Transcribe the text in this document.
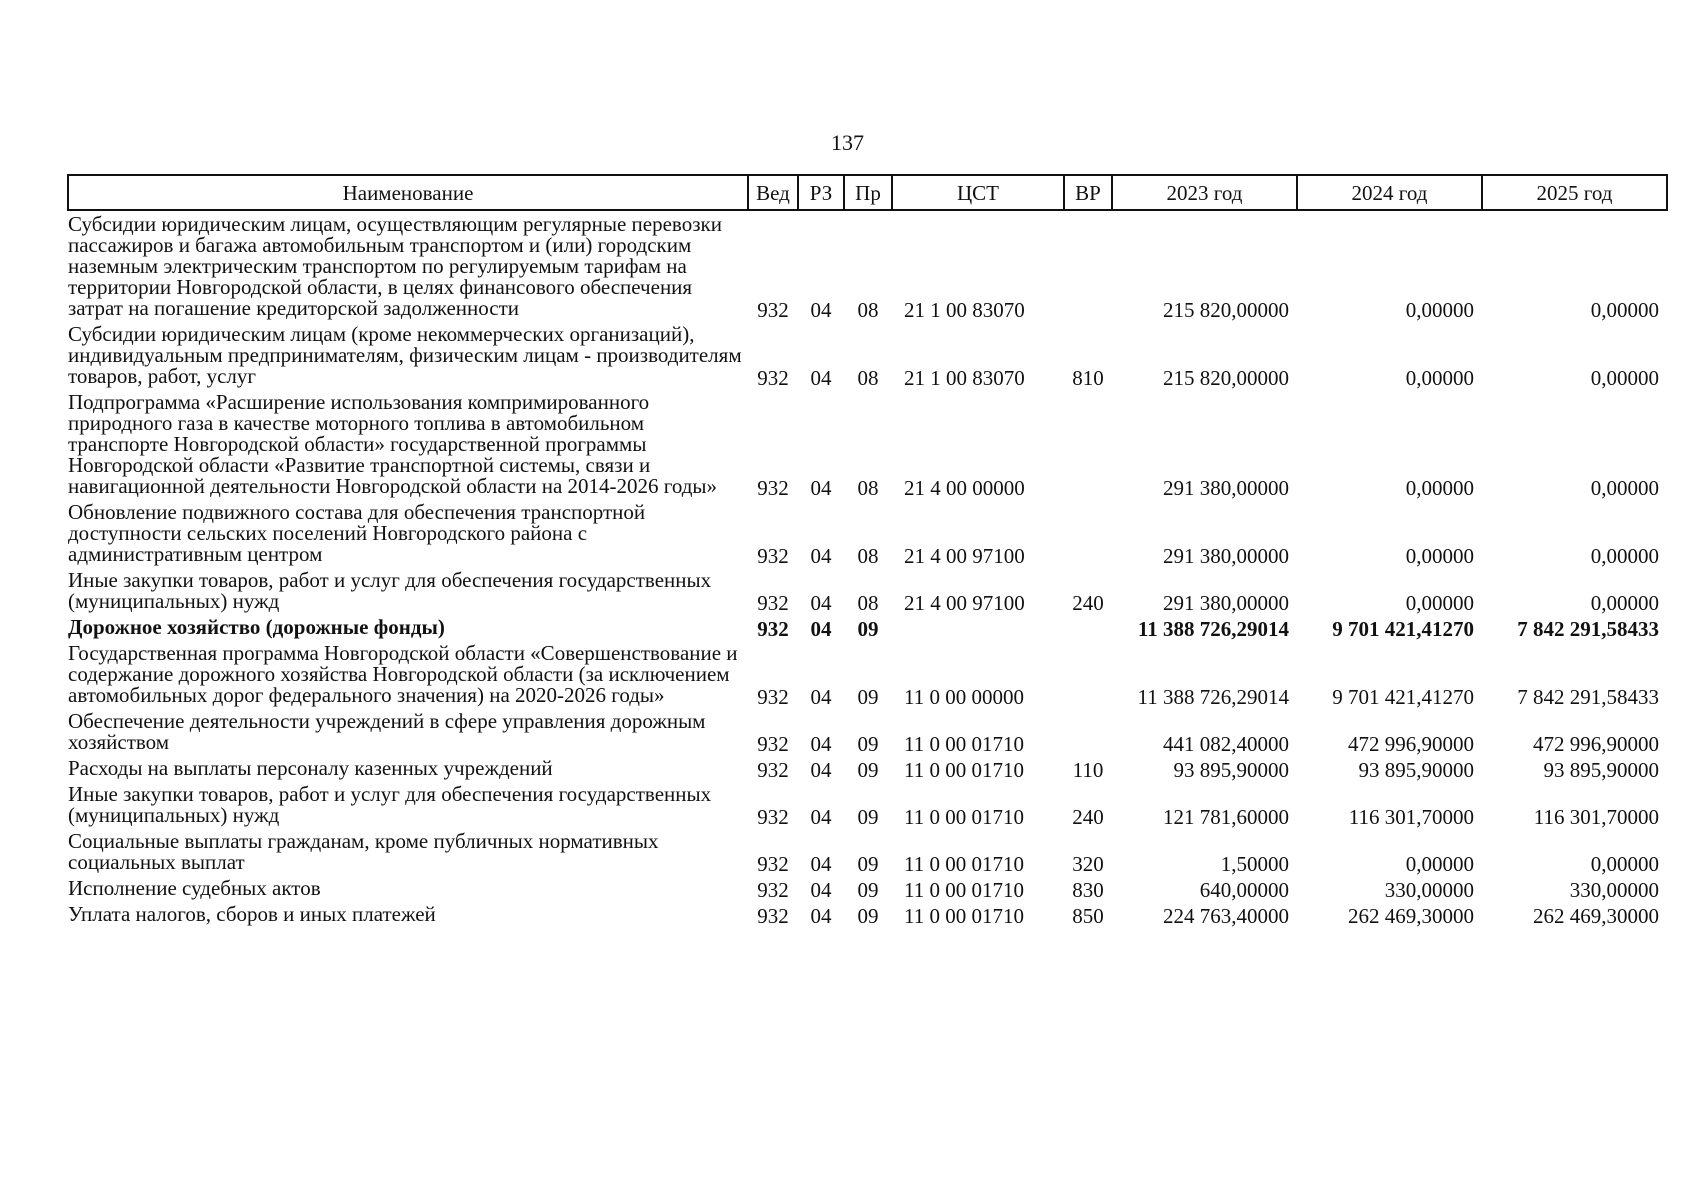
137
Наименование	Вед	РЗ	Пр	ЦСТ	ВР	2023 год	2024 год	2025 год
Субсидии юридическим лицам, осуществляющим регулярные перевозки пассажиров и багажа автомобильным транспортом и (или) городским наземным электрическим транспортом по регулируемым тарифам на территории Новгородской области, в целях финансового обеспечения затрат на погашение кредиторской задолженности	932	04	08	21 1 00 83070		215 820,00000	0,00000	0,00000
Субсидии юридическим лицам (кроме некоммерческих организаций), индивидуальным предпринимателям, физическим лицам - производителям товаров, работ, услуг	932	04	08	21 1 00 83070	810	215 820,00000	0,00000	0,00000
Подпрограмма «Расширение использования компримированного природного газа в качестве моторного топлива в автомобильном транспорте Новгородской области» государственной программы Новгородской области «Развитие транспортной системы, связи и навигационной деятельности Новгородской области на 2014-2026 годы»	932	04	08	21 4 00 00000		291 380,00000	0,00000	0,00000
Обновление подвижного состава для обеспечения транспортной доступности сельских поселений Новгородского района с административным центром	932	04	08	21 4 00 97100		291 380,00000	0,00000	0,00000
Иные закупки товаров, работ и услуг для обеспечения государственных (муниципальных) нужд	932	04	08	21 4 00 97100	240	291 380,00000	0,00000	0,00000
Дорожное хозяйство (дорожные фонды)	932	04	09			11 388 726,29014	9 701 421,41270	7 842 291,58433
Государственная программа Новгородской области «Совершенствование и содержание дорожного хозяйства Новгородской области (за исключением автомобильных дорог федерального значения) на 2020-2026 годы»	932	04	09	11 0 00 00000		11 388 726,29014	9 701 421,41270	7 842 291,58433
Обеспечение деятельности учреждений в сфере управления дорожным хозяйством	932	04	09	11 0 00 01710		441 082,40000	472 996,90000	472 996,90000
Расходы на выплаты персоналу казенных учреждений	932	04	09	11 0 00 01710	110	93 895,90000	93 895,90000	93 895,90000
Иные закупки товаров, работ и услуг для обеспечения государственных (муниципальных) нужд	932	04	09	11 0 00 01710	240	121 781,60000	116 301,70000	116 301,70000
Социальные выплаты гражданам, кроме публичных нормативных социальных выплат	932	04	09	11 0 00 01710	320	1,50000	0,00000	0,00000
Исполнение судебных актов	932	04	09	11 0 00 01710	830	640,00000	330,00000	330,00000
Уплата налогов, сборов и иных платежей	932	04	09	11 0 00 01710	850	224 763,40000	262 469,30000	262 469,30000
